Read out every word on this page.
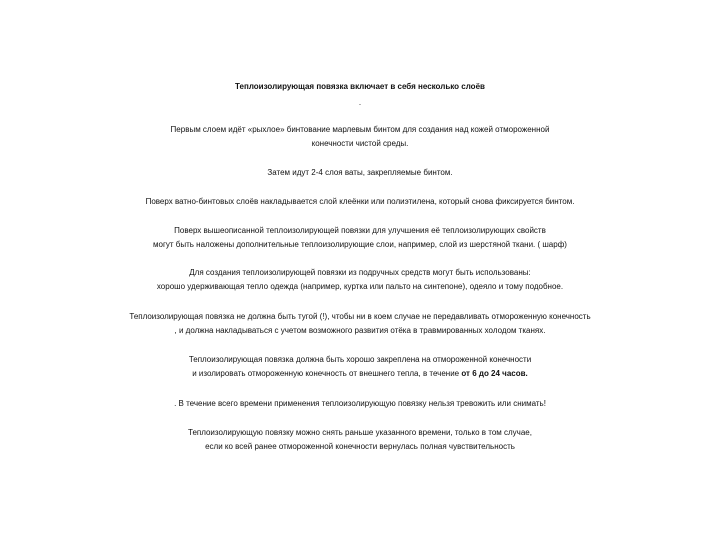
Теплоизолирующая повязка включает в себя несколько слоёв
.
Первым слоем идёт «рыхлое» бинтование марлевым бинтом для создания над кожей отмороженной
конечности чистой среды.
Затем идут 2-4 слоя ваты, закрепляемые бинтом.
Поверх ватно-бинтовых слоёв накладывается слой клеёнки или полиэтилена, который снова фиксируется бинтом.
Поверх вышеописанной теплоизолирующей повязки для улучшения её теплоизолирующих свойств
могут быть наложены дополнительные теплоизолирующие слои, например, слой из шерстяной ткани. ( шарф)
Для создания теплоизолирующей повязки из подручных средств могут быть использованы:
хорошо удерживающая тепло одежда (например, куртка или пальто на синтепоне), одеяло и тому подобное.
Теплоизолирующая повязка не должна быть тугой (!), чтобы ни в коем случае не передавливать отмороженную конечность
, и должна накладываться с учетом возможного развития отёка в травмированных холодом тканях.
Теплоизолирующая повязка должна быть хорошо закреплена на отмороженной конечности
и изолировать отмороженную конечность от внешнего тепла, в течение от 6 до 24 часов.
. В течение всего времени применения теплоизолирующую повязку нельзя тревожить или снимать!
Теплоизолирующую повязку можно снять раньше указанного времени, только в том случае,
если ко всей ранее отмороженной конечности вернулась полная чувствительность
